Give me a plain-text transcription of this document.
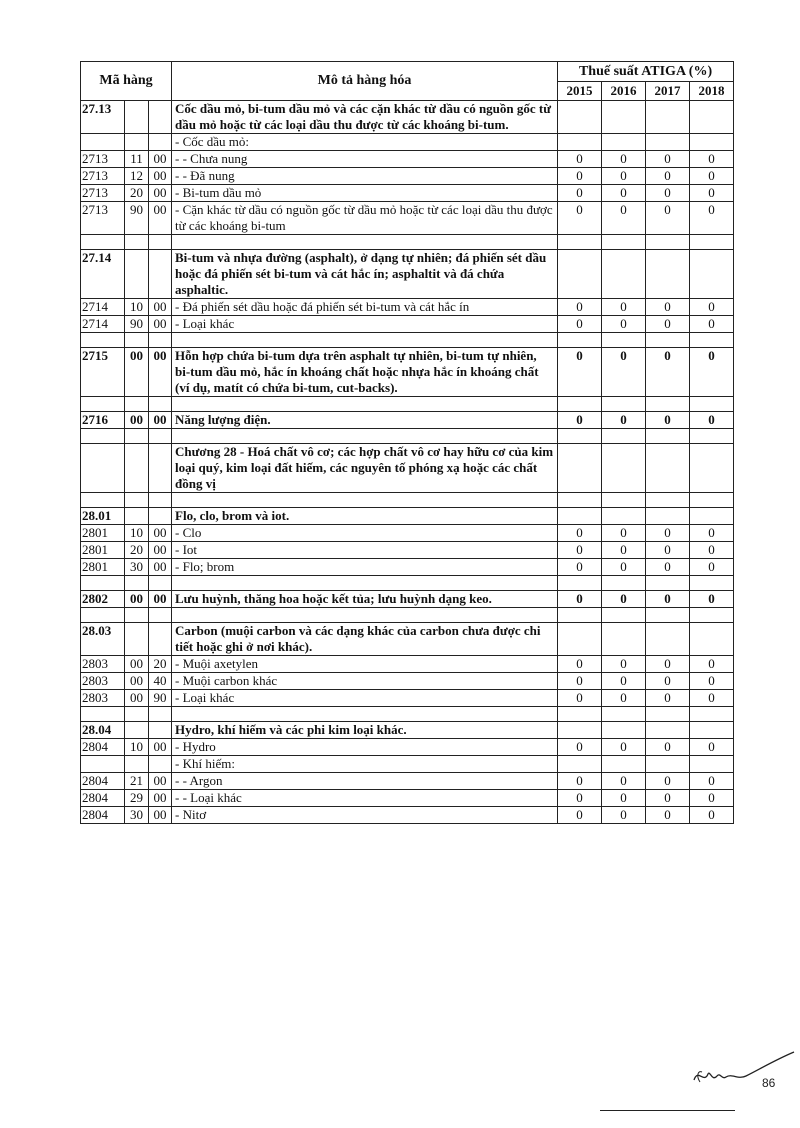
Mã hàng			Mô tả hàng hóa	Thuế suất ATIGA (%)			
				2015	2016	2017	2018
27.13			Cốc dầu mỏ, bi-tum dầu mỏ và các cặn khác từ dầu có nguồn gốc từ dầu mỏ hoặc từ các loại dầu thu được từ các khoáng bi-tum.				
			- Cốc dầu mỏ:				
2713	11	00	- - Chưa nung	0	0	0	0
2713	12	00	- - Đã nung	0	0	0	0
2713	20	00	- Bi-tum dầu mỏ	0	0	0	0
2713	90	00	- Cặn khác từ dầu có nguồn gốc từ dầu mỏ hoặc từ các loại dầu thu được từ các khoáng bi-tum	0	0	0	0

27.14			Bi-tum và nhựa đường (asphalt), ở dạng tự nhiên; đá phiến sét dầu hoặc đá phiến sét bi-tum và cát hắc ín; asphaltit và đá chứa asphaltic.				
2714	10	00	- Đá phiến sét dầu hoặc đá phiến sét bi-tum và cát hắc ín	0	0	0	0
2714	90	00	- Loại khác	0	0	0	0

2715	00	00	Hỗn hợp chứa bi-tum dựa trên asphalt tự nhiên, bi-tum tự nhiên, bi-tum dầu mỏ, hắc ín khoáng chất hoặc nhựa hắc ín khoáng chất (ví dụ, matít có chứa bi-tum, cut-backs).	0	0	0	0

2716	00	00	Năng lượng điện.	0	0	0	0

			Chương 28 - Hoá chất vô cơ; các hợp chất vô cơ hay hữu cơ của kim loại quý, kim loại đất hiếm, các nguyên tố phóng xạ hoặc các chất đồng vị				

28.01			Flo, clo, brom và iot.				
2801	10	00	- Clo	0	0	0	0
2801	20	00	- Iot	0	0	0	0
2801	30	00	- Flo; brom	0	0	0	0

2802	00	00	Lưu huỳnh, thăng hoa hoặc kết tủa; lưu huỳnh dạng keo.	0	0	0	0

28.03			Carbon (muội carbon và các dạng khác của carbon chưa được chi tiết hoặc ghi ở nơi khác).				
2803	00	20	- Muội axetylen	0	0	0	0
2803	00	40	- Muội carbon khác	0	0	0	0
2803	00	90	- Loại khác	0	0	0	0

28.04			Hydro, khí hiếm và các phi kim loại khác.				
2804	10	00	- Hydro	0	0	0	0
			- Khí hiếm:				
2804	21	00	- - Argon	0	0	0	0
2804	29	00	- - Loại khác	0	0	0	0
2804	30	00	- Nitơ	0	0	0	0
86
